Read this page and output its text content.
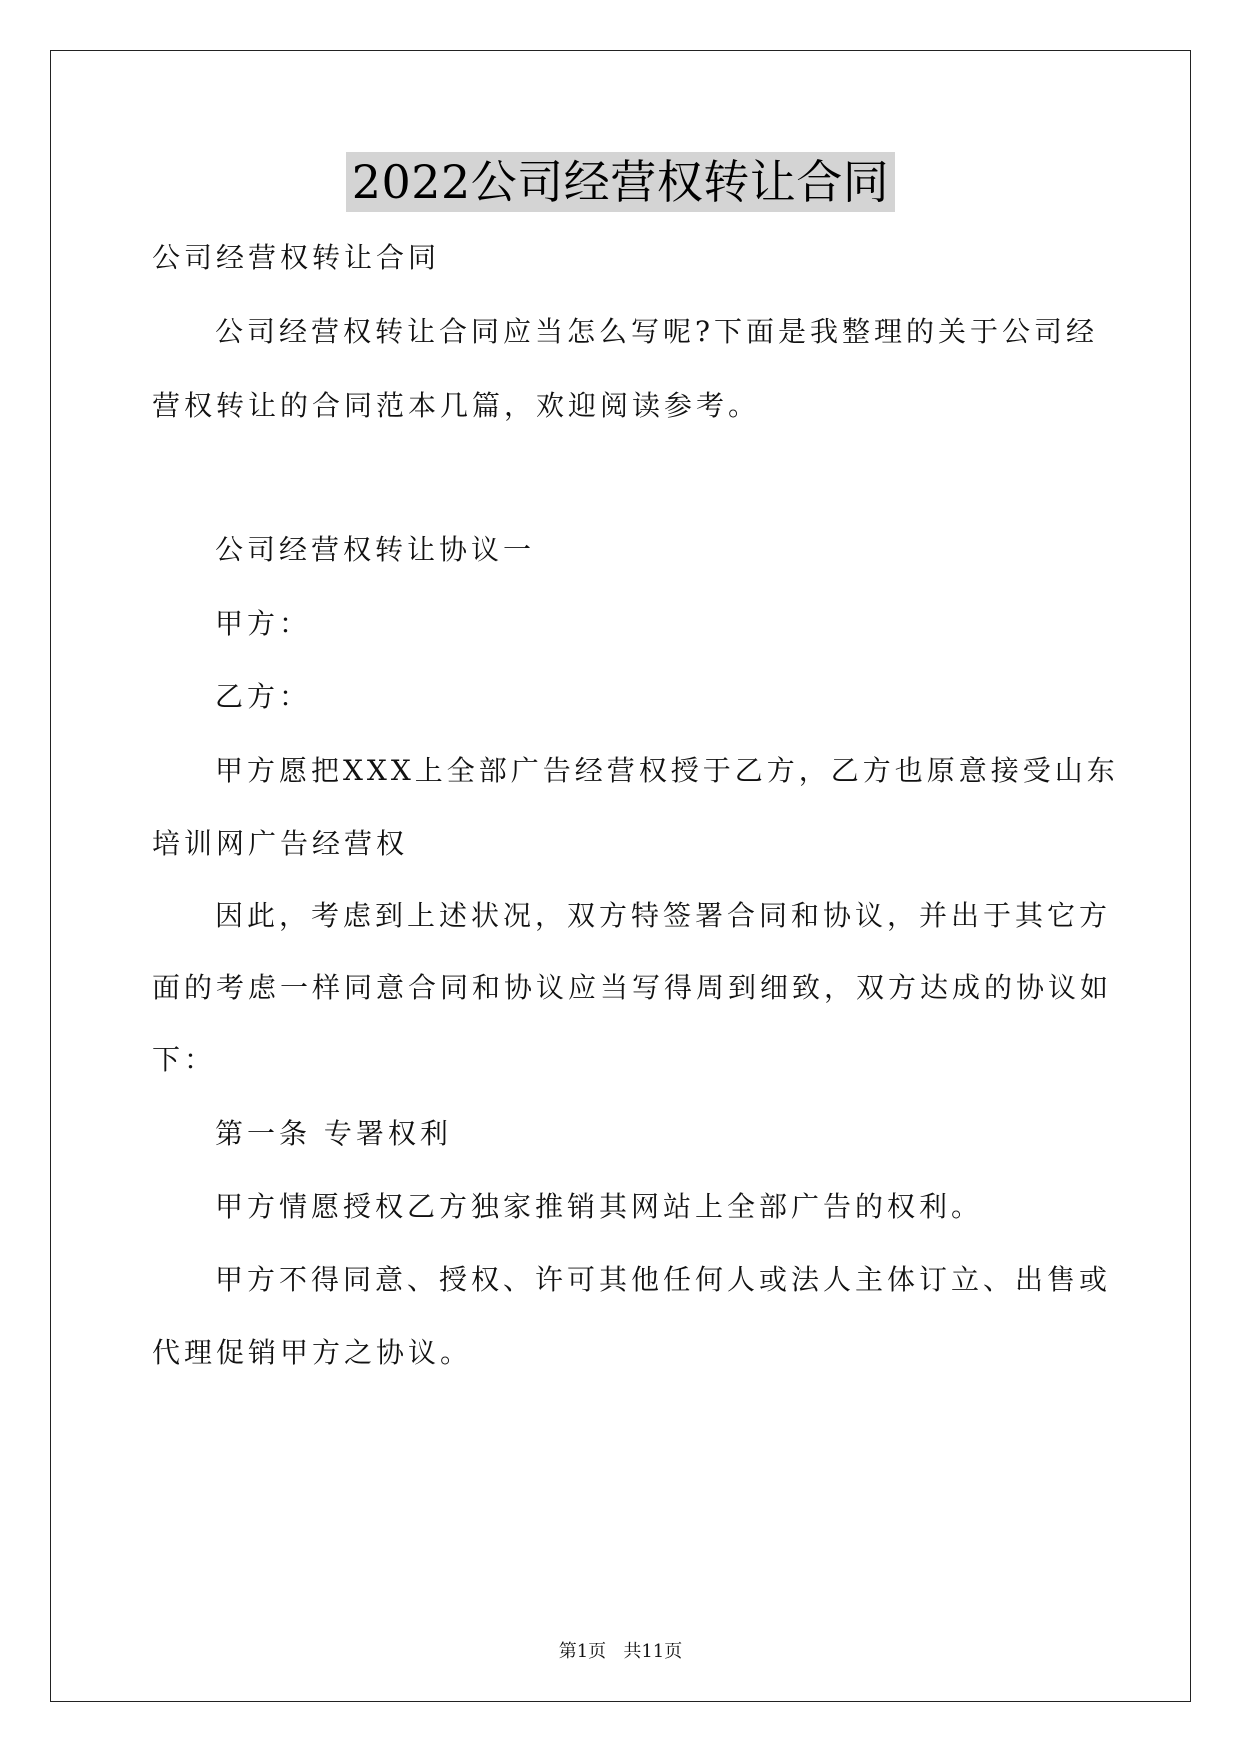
2022公司经营权转让合同
公司经营权转让合同
公司经营权转让合同应当怎么写呢?下面是我整理的关于公司经
营权转让的合同范本几篇，欢迎阅读参考。
公司经营权转让协议一
甲方：
乙方：
甲方愿把XXX上全部广告经营权授于乙方，乙方也原意接受山东
培训网广告经营权
因此，考虑到上述状况，双方特签署合同和协议，并出于其它方
面的考虑一样同意合同和协议应当写得周到细致，双方达成的协议如
下：
第一条 专署权利
甲方情愿授权乙方独家推销其网站上全部广告的权利。
甲方不得同意、授权、许可其他任何人或法人主体订立、出售或
代理促销甲方之协议。
第1页   共11页
